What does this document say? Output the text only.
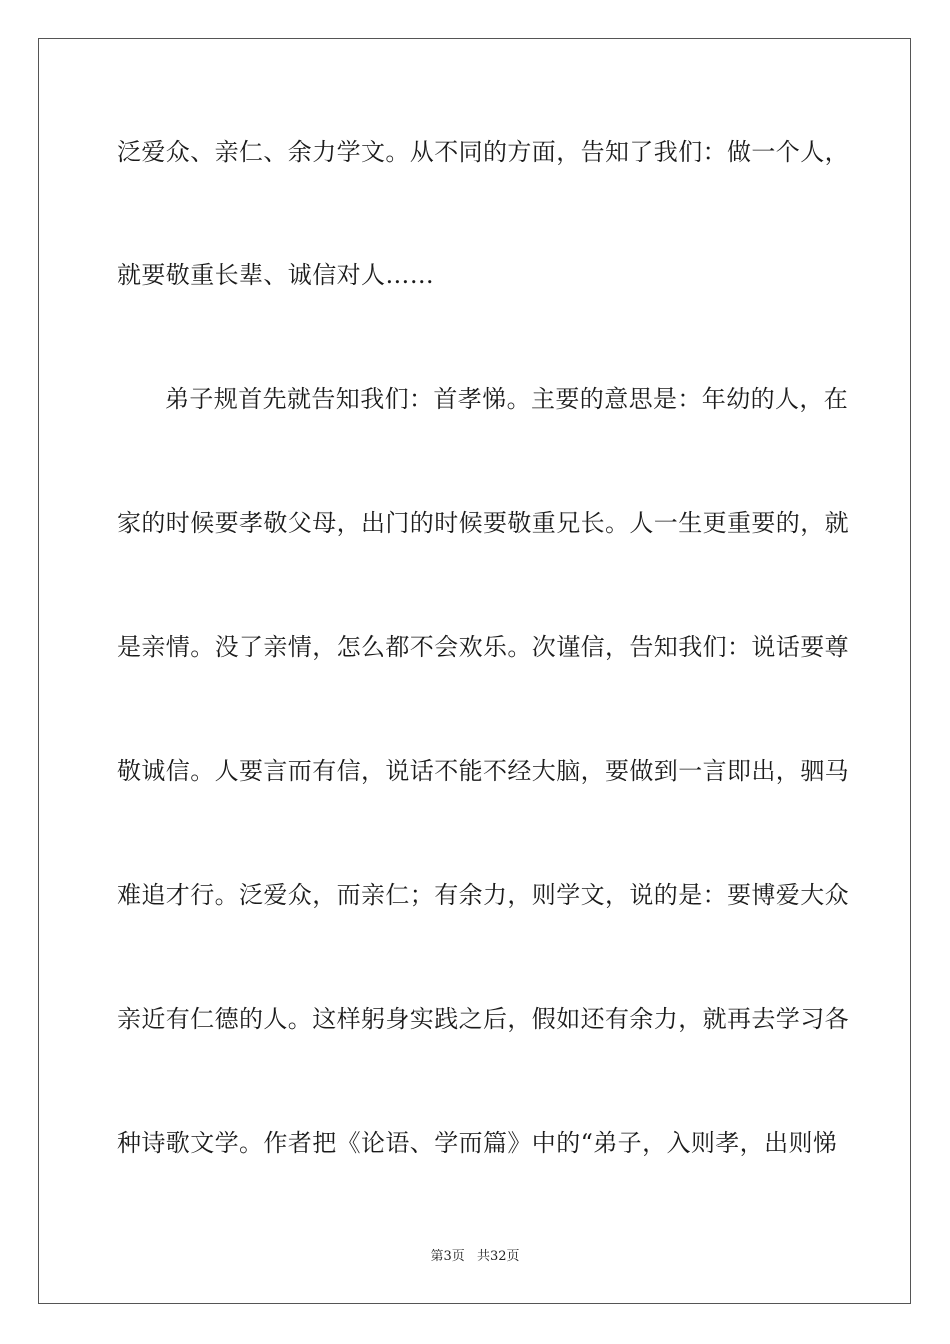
泛爱众、亲仁、余力学文。从不同的方面，告知了我们：做一个人，
就要敬重长辈、诚信对人……
弟子规首先就告知我们：首孝悌。主要的意思是：年幼的人，在
家的时候要孝敬父母，出门的时候要敬重兄长。人一生更重要的，就
是亲情。没了亲情，怎么都不会欢乐。次谨信，告知我们：说话要尊
敬诚信。人要言而有信，说话不能不经大脑，要做到一言即出，驷马
难追才行。泛爱众，而亲仁；有余力，则学文，说的是：要博爱大众
亲近有仁德的人。这样躬身实践之后，假如还有余力，就再去学习各
种诗歌文学。作者把《论语、学而篇》中的“弟子，入则孝，出则悌
第3页 共32页
